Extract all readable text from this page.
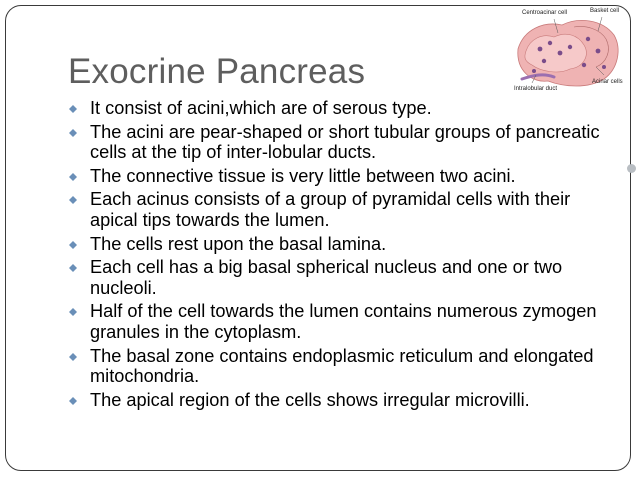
Centroacinar cell	Basket cell
Acinar cells
Intralobular duct
Exocrine Pancreas
It consist of acini,which are of serous type.
The acini are pear-shaped or short tubular groups of pancreatic cells at the tip of inter-lobular ducts.
The connective tissue is very little between two acini.
Each acinus consists of a group of pyramidal cells with their apical tips towards the lumen.
The cells rest upon the basal lamina.
Each cell has a big basal spherical nucleus and one or two nucleoli.
Half of the cell towards the lumen contains numerous zymogen granules in the cytoplasm.
The basal zone contains endoplasmic reticulum and elongated mitochondria.
The apical region of the cells shows irregular microvilli.
